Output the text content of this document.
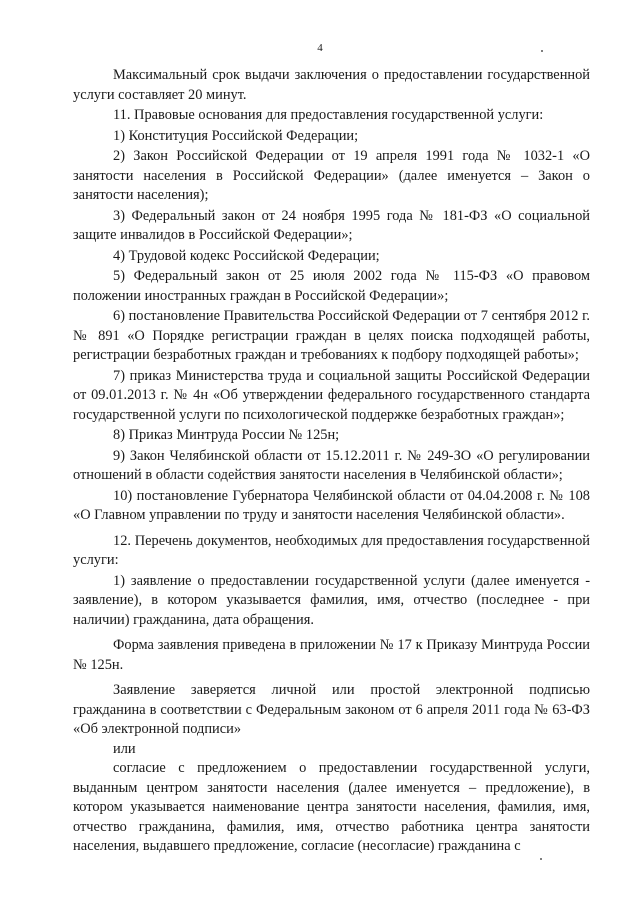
4

Максимальный срок выдачи заключения о предоставлении государственной услуги составляет 20 минут.

11. Правовые основания для предоставления государственной услуги:

1) Конституция Российской Федерации;

2) Закон Российской Федерации от 19 апреля 1991 года № 1032-1 «О занятости населения в Российской Федерации» (далее именуется – Закон о занятости населения);

3) Федеральный закон от 24 ноября 1995 года № 181-ФЗ «О социальной защите инвалидов в Российской Федерации»;

4) Трудовой кодекс Российской Федерации;

5) Федеральный закон от 25 июля 2002 года № 115-ФЗ «О правовом положении иностранных граждан в Российской Федерации»;

6) постановление Правительства Российской Федерации от 7 сентября 2012 г. № 891 «О Порядке регистрации граждан в целях поиска подходящей работы, регистрации безработных граждан и требованиях к подбору подходящей работы»;

7) приказ Министерства труда и социальной защиты Российской Федерации от 09.01.2013 г. № 4н «Об утверждении федерального государственного стандарта государственной услуги по психологической поддержке безработных граждан»;

8) Приказ Минтруда России № 125н;

9) Закон Челябинской области от 15.12.2011 г. № 249-ЗО «О регулировании отношений в области содействия занятости населения в Челябинской области»;

10) постановление Губернатора Челябинской области от 04.04.2008 г. № 108 «О Главном управлении по труду и занятости населения Челябинской области».

12. Перечень документов, необходимых для предоставления государственной услуги:

1) заявление о предоставлении государственной услуги (далее именуется - заявление), в котором указывается фамилия, имя, отчество (последнее - при наличии) гражданина, дата обращения.

Форма заявления приведена в приложении № 17 к Приказу Минтруда России № 125н.

Заявление заверяется личной или простой электронной подписью гражданина в соответствии с Федеральным законом от 6 апреля 2011 года № 63-ФЗ «Об электронной подписи»

или

согласие с предложением о предоставлении государственной услуги, выданным центром занятости населения (далее именуется – предложение), в котором указывается наименование центра занятости населения, фамилия, имя, отчество гражданина, фамилия, имя, отчество работника центра занятости населения, выдавшего предложение, согласие (несогласие) гражданина с
